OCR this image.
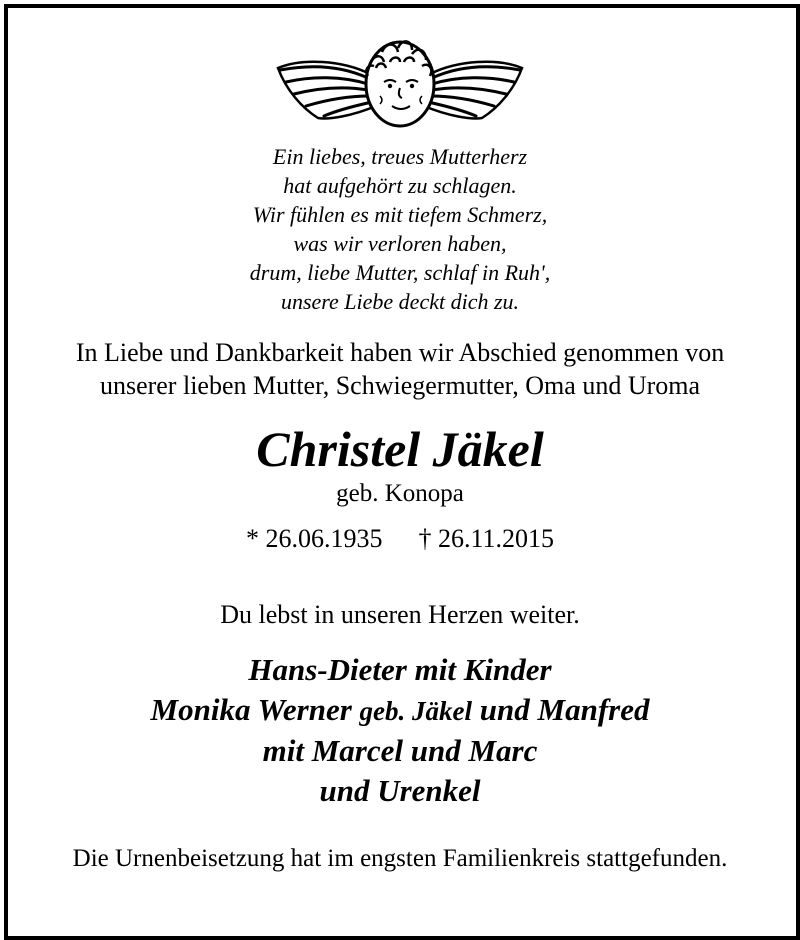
Ein liebes, treues Mutterherz
hat aufgehört zu schlagen.
Wir fühlen es mit tiefem Schmerz,
was wir verloren haben,
drum, liebe Mutter, schlaf in Ruh',
unsere Liebe deckt dich zu.
In Liebe und Dankbarkeit haben wir Abschied genommen von
unserer lieben Mutter, Schwiegermutter, Oma und Uroma
Christel Jäkel
geb. Konopa
* 26.06.1935 † 26.11.2015
Du lebst in unseren Herzen weiter.
Hans-Dieter mit Kinder
Monika Werner geb. Jäkel und Manfred
mit Marcel und Marc
und Urenkel
Die Urnenbeisetzung hat im engsten Familienkreis stattgefunden.
